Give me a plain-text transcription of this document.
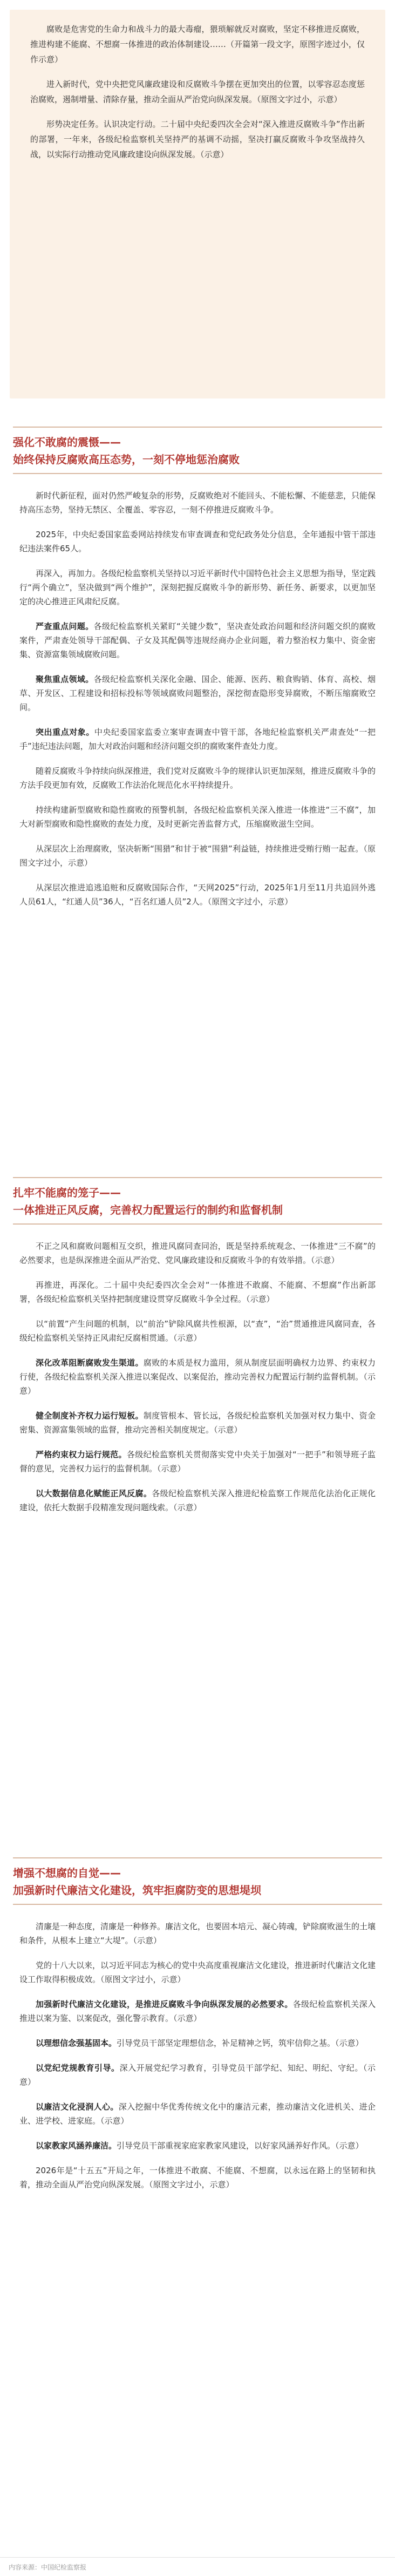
腐败是危害党的生命力和战斗力的最大毒瘤，猥琐解就反对腐败，坚定不移推进反腐败，推进构建不能腐、不想腐一体推进的政治体制建设……（开篇第一段文字，原图字迹过小，仅作示意）

进入新时代，党中央把党风廉政建设和反腐败斗争摆在更加突出的位置，以零容忍态度惩治腐败，遏制增量、清除存量，推动全面从严治党向纵深发展。（原图文字过小，示意）

形势决定任务。认识决定行动。二十届中央纪委四次全会对“深入推进反腐败斗争”作出新的部署，一年来，各级纪检监察机关坚持严的基调不动摇，坚决打赢反腐败斗争攻坚战持久战，以实际行动推动党风廉政建设向纵深发展。（示意）

强化不敢腐的震慑——
始终保持反腐败高压态势，一刻不停地惩治腐败

新时代新征程，面对仍然严峻复杂的形势，反腐败绝对不能回头、不能松懈、不能慈悲，只能保持高压态势，坚持无禁区、全覆盖、零容忍，一刻不停推进反腐败斗争。

2025年，中央纪委国家监委网站持续发布审查调查和党纪政务处分信息，全年通报中管干部违纪违法案件65人。

再深入，再加力。各级纪检监察机关坚持以习近平新时代中国特色社会主义思想为指导，坚定践行“两个确立”，坚决做到“两个维护”，深刻把握反腐败斗争的新形势、新任务、新要求，以更加坚定的决心推进正风肃纪反腐。

严查重点问题。各级纪检监察机关紧盯“关键少数”，坚决查处政治问题和经济问题交织的腐败案件，严肃查处领导干部配偶、子女及其配偶等违规经商办企业问题，着力整治权力集中、资金密集、资源富集领域腐败问题。

聚焦重点领域。各级纪检监察机关深化金融、国企、能源、医药、粮食购销、体育、高校、烟草、开发区、工程建设和招标投标等领域腐败问题整治，深挖彻查隐形变异腐败，不断压缩腐败空间。

突出重点对象。中央纪委国家监委立案审查调查中管干部，各地纪检监察机关严肃查处“一把手”违纪违法问题，加大对政治问题和经济问题交织的腐败案件查处力度。

随着反腐败斗争持续向纵深推进，我们党对反腐败斗争的规律认识更加深刻，推进反腐败斗争的方法手段更加有效，反腐败工作法治化规范化水平持续提升。

持续构建新型腐败和隐性腐败的预警机制，各级纪检监察机关深入推进一体推进“三不腐”，加大对新型腐败和隐性腐败的查处力度，及时更新完善监督方式，压缩腐败滋生空间。

从深层次上治理腐败，坚决斩断“围猎”和甘于被“围猎”利益链，持续推进受贿行贿一起查。（原图文字过小，示意）

从深层次推进追逃追赃和反腐败国际合作，“天网2025”行动，2025年1月至11月共追回外逃人员61人，“红通人员”36人，“百名红通人员”2人。（原图文字过小，示意）

扎牢不能腐的笼子——
一体推进正风反腐，完善权力配置运行的制约和监督机制

不正之风和腐败问题相互交织，推进风腐同查同治，既是坚持系统观念、一体推进“三不腐”的必然要求，也是纵深推进全面从严治党、党风廉政建设和反腐败斗争的有效举措。（示意）

再推进，再深化。二十届中央纪委四次全会对“一体推进不敢腐、不能腐、不想腐”作出新部署，各级纪检监察机关坚持把制度建设贯穿反腐败斗争全过程。（示意）

以“前置”产生问题的机制，以“前治”铲除风腐共性根源，以“查”，“治”贯通推进风腐同查，各级纪检监察机关坚持正风肃纪反腐相贯通。（示意）

深化改革阻断腐败发生渠道。腐败的本质是权力滥用，须从制度层面明确权力边界、约束权力行使，各级纪检监察机关深入推进以案促改、以案促治，推动完善权力配置运行制约监督机制。（示意）

健全制度补齐权力运行短板。制度管根本、管长远，各级纪检监察机关加强对权力集中、资金密集、资源富集领域的监督，推动完善相关制度规定。（示意）

严格约束权力运行规范。各级纪检监察机关贯彻落实党中央关于加强对“一把手”和领导班子监督的意见，完善权力运行的监督机制。（示意）

以大数据信息化赋能正风反腐。各级纪检监察机关深入推进纪检监察工作规范化法治化正规化建设，依托大数据手段精准发现问题线索。（示意）

增强不想腐的自觉——
加强新时代廉洁文化建设，筑牢拒腐防变的思想堤坝

清廉是一种态度，清廉是一种修养。廉洁文化，也要固本培元、凝心铸魂，铲除腐败滋生的土壤和条件，从根本上建立“大堤”。（示意）

党的十八大以来，以习近平同志为核心的党中央高度重视廉洁文化建设，推进新时代廉洁文化建设工作取得积极成效。（原图文字过小，示意）

加强新时代廉洁文化建设，是推进反腐败斗争向纵深发展的必然要求。各级纪检监察机关深入推进以案为鉴、以案促改，强化警示教育。（示意）

以理想信念强基固本。引导党员干部坚定理想信念，补足精神之钙，筑牢信仰之基。（示意）

以党纪党规教育引导。深入开展党纪学习教育，引导党员干部学纪、知纪、明纪、守纪。（示意）

以廉洁文化浸润人心。深入挖掘中华优秀传统文化中的廉洁元素，推动廉洁文化进机关、进企业、进学校、进家庭。（示意）

以家教家风涵养廉洁。引导党员干部重视家庭家教家风建设，以好家风涵养好作风。（示意）

2026年是“十五五”开局之年，一体推进不敢腐、不能腐、不想腐，以永远在路上的坚韧和执着，推动全面从严治党向纵深发展。（原图文字过小，示意）

内容来源：中国纪检监察报
